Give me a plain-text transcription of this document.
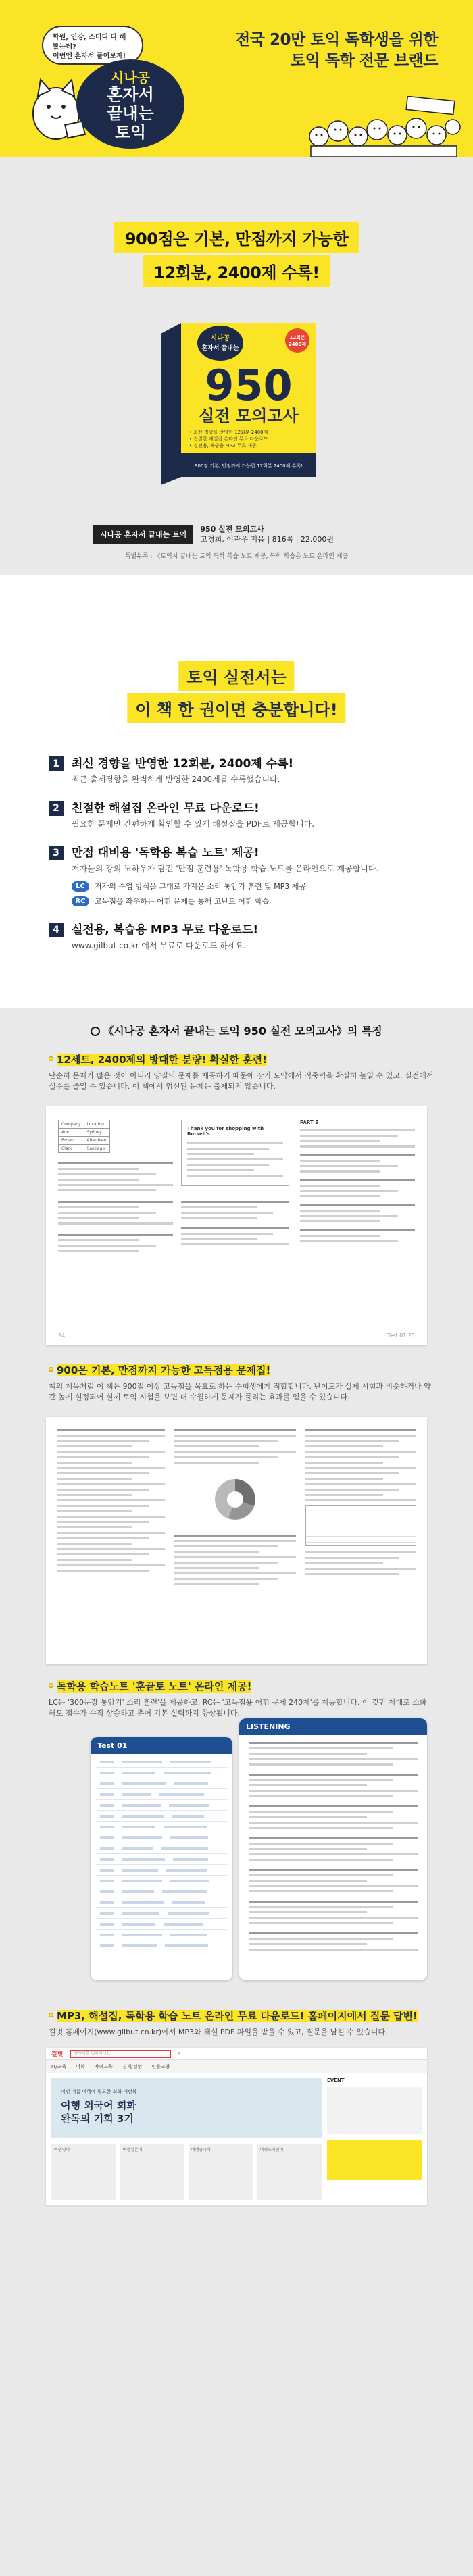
학원, 인강, 스터디 다 해 봤는데?
이번엔 혼자서 풀어보자!
시나공
혼자서
끝내는
토익
전국 20만 토익 독학생을 위한
토익 독학 전문 브랜드
900점은 기본, 만점까지 가능한
12회분, 2400제 수록!
시나공
혼자서 끝내는
12회분
2400제
950
실전 모의고사
• 최신 경향을 반영한 12회분 2400제
• 친절한 해설집 온라인 무료 다운로드
• 실전용, 복습용 MP3 무료 제공
900점 기본, 만점까지 가능한 12회분 2400제 수록!
시나공 혼자서 끝내는 토익
950 실전 모의고사
고경희, 이관우 지음 | 816쪽 | 22,000원
특별부록 : 《토익시 끝내는 토익 독학 복습 노트 제공, 독학 학습용 노트 온라인 제공
토익 실전서는
이 책 한 권이면 충분합니다!
1	최신 경향을 반영한 12회분, 2400제 수록!
최근 출제경향을 완벽하게 반영한 2400제를 수록했습니다.
2	친절한 해설집 온라인 무료 다운로드!
필요한 문제만 간편하게 확인할 수 있게 해설집을 PDF로 제공합니다.
3	만점 대비용 '독학용 복습 노트' 제공!
저자들의 강의 노하우가 담긴 '만점 훈련용' 독학용 학습 노트를 온라인으로 제공합니다.
LC	저자의 수업 방식을 그대로 가져온 소리 통암기 훈련 및 MP3 제공
RC	고득점을 좌우하는 어휘 문제를 통해 고난도 어휘 학습
4	실전용, 복습용 MP3 무료 다운로드!
www.gilbut.co.kr 에서 무료로 다운로드 하세요.
《시나공 혼자서 끝내는 토익 950 실전 모의고사》의 특징
12세트, 2400제의 방대한 분량! 확실한 훈련!
단순히 문제가 많은 것이 아니라 양질의 문제를 제공하기 때문에 장기 도약에서 적중력을 확실히 높일 수 있고, 실전에서 실수를 줄일 수 있습니다. 이 책에서 엄선된 문제는 출제되지 않습니다.
Company	Location
Ace	Sydney
Brown	Aberdeen
Clark	Santiago
Thank you for shopping with Bursell's
PART 5
24	Test 01 25
900은 기본, 만점까지 가능한 고득점용 문제집!
책의 제목처럼 이 책은 900점 이상 고득점을 목표로 하는 수험생에게 적합합니다. 난이도가 실제 시험과 비슷하거나 약간 높게 설정되어 실제 토익 시험을 보면 더 수월하게 문제가 풀리는 효과를 얻을 수 있습니다.
독학용 학습노트 '훈끝토 노트' 온라인 제공!
LC는 '300문장 통암기' 소리 훈련'을 제공하고, RC는 '고득점용 어휘 문제 240제'를 제공합니다. 이 것만 제대로 소화해도 점수가 수직 상승하고 뿐어 기본 실력까지 향상됩니다.
Test 01
LISTENING
MP3, 해설집, 독학용 학습 노트 온라인 무료 다운로드! 홈페이지에서 질문 답변!
길벗 홈페이지(www.gilbut.co.kr)에서 MP3와 해설 PDF 파일을 받을 수 있고, 질문을 남길 수 있습니다.
길벗	검색어를 입력하세요	⌕
IT/교육 어학 자녀교육 경제/경영 인문교양
이번 여름 여행에 필요한 회화 패턴북
여행 외국어 회화
완독의 기회 3기
여행영어	여행일본어	여행중국어	여행스페인어
EVENT
